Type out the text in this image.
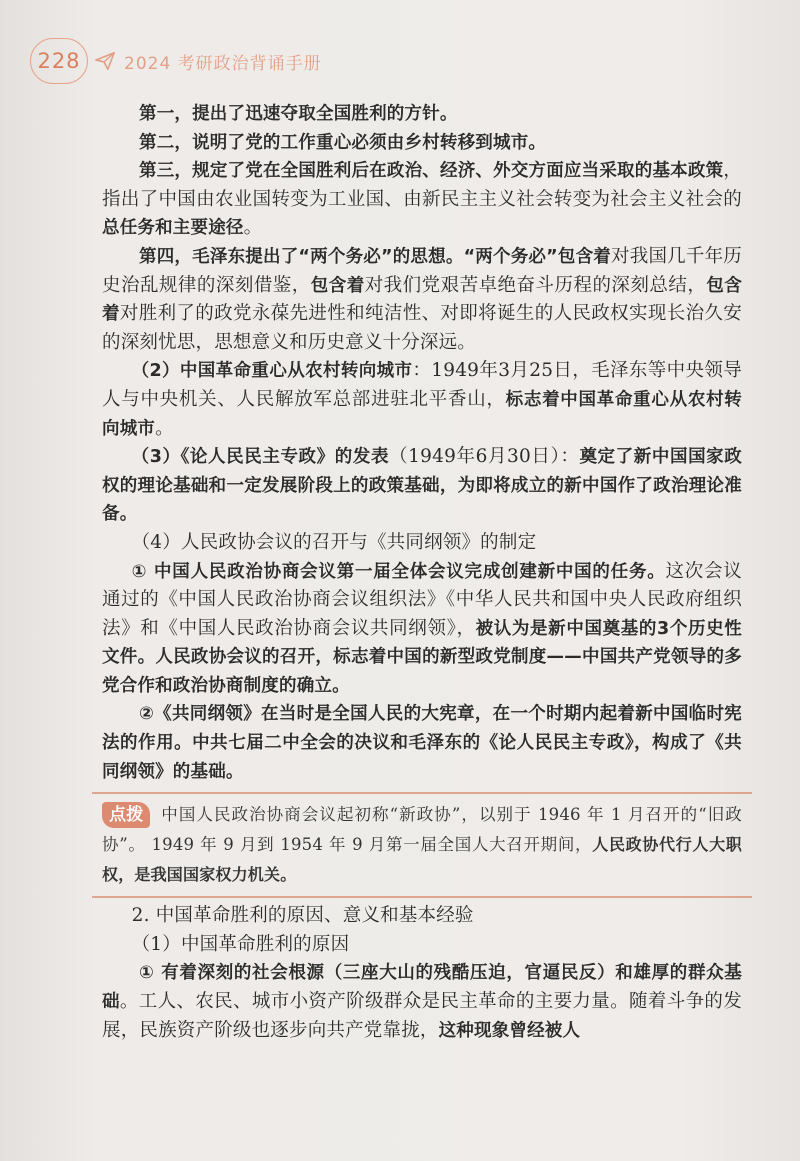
228	2024 考研政治背诵手册

第一，提出了迅速夺取全国胜利的方针。

第二，说明了党的工作重心必须由乡村转移到城市。

第三，规定了党在全国胜利后在政治、经济、外交方面应当采取的基本政策，指出了中国由农业国转变为工业国、由新民主主义社会转变为社会主义社会的总任务和主要途径。

第四，毛泽东提出了“两个务必”的思想。“两个务必”包含着对我国几千年历史治乱规律的深刻借鉴，包含着对我们党艰苦卓绝奋斗历程的深刻总结，包含着对胜利了的政党永葆先进性和纯洁性、对即将诞生的人民政权实现长治久安的深刻忧思，思想意义和历史意义十分深远。

（2）中国革命重心从农村转向城市：1949年3月25日，毛泽东等中央领导人与中央机关、人民解放军总部进驻北平香山，标志着中国革命重心从农村转向城市。

（3）《论人民民主专政》的发表（1949年6月30日）：奠定了新中国国家政权的理论基础和一定发展阶段上的政策基础，为即将成立的新中国作了政治理论准备。

（4）人民政协会议的召开与《共同纲领》的制定

① 中国人民政治协商会议第一届全体会议完成创建新中国的任务。这次会议通过的《中国人民政治协商会议组织法》《中华人民共和国中央人民政府组织法》和《中国人民政治协商会议共同纲领》，被认为是新中国奠基的3个历史性文件。人民政协会议的召开，标志着中国的新型政党制度——中国共产党领导的多党合作和政治协商制度的确立。

②《共同纲领》在当时是全国人民的大宪章，在一个时期内起着新中国临时宪法的作用。中共七届二中全会的决议和毛泽东的《论人民民主专政》，构成了《共同纲领》的基础。

点拨 中国人民政治协商会议起初称“新政协”，以别于 1946 年 1 月召开的“旧政协”。 1949 年 9 月到 1954 年 9 月第一届全国人大召开期间，人民政协代行人大职权，是我国国家权力机关。

2. 中国革命胜利的原因、意义和基本经验

（1）中国革命胜利的原因

① 有着深刻的社会根源（三座大山的残酷压迫，官逼民反）和雄厚的群众基础。工人、农民、城市小资产阶级群众是民主革命的主要力量。随着斗争的发展，民族资产阶级也逐步向共产党靠拢，这种现象曾经被人
